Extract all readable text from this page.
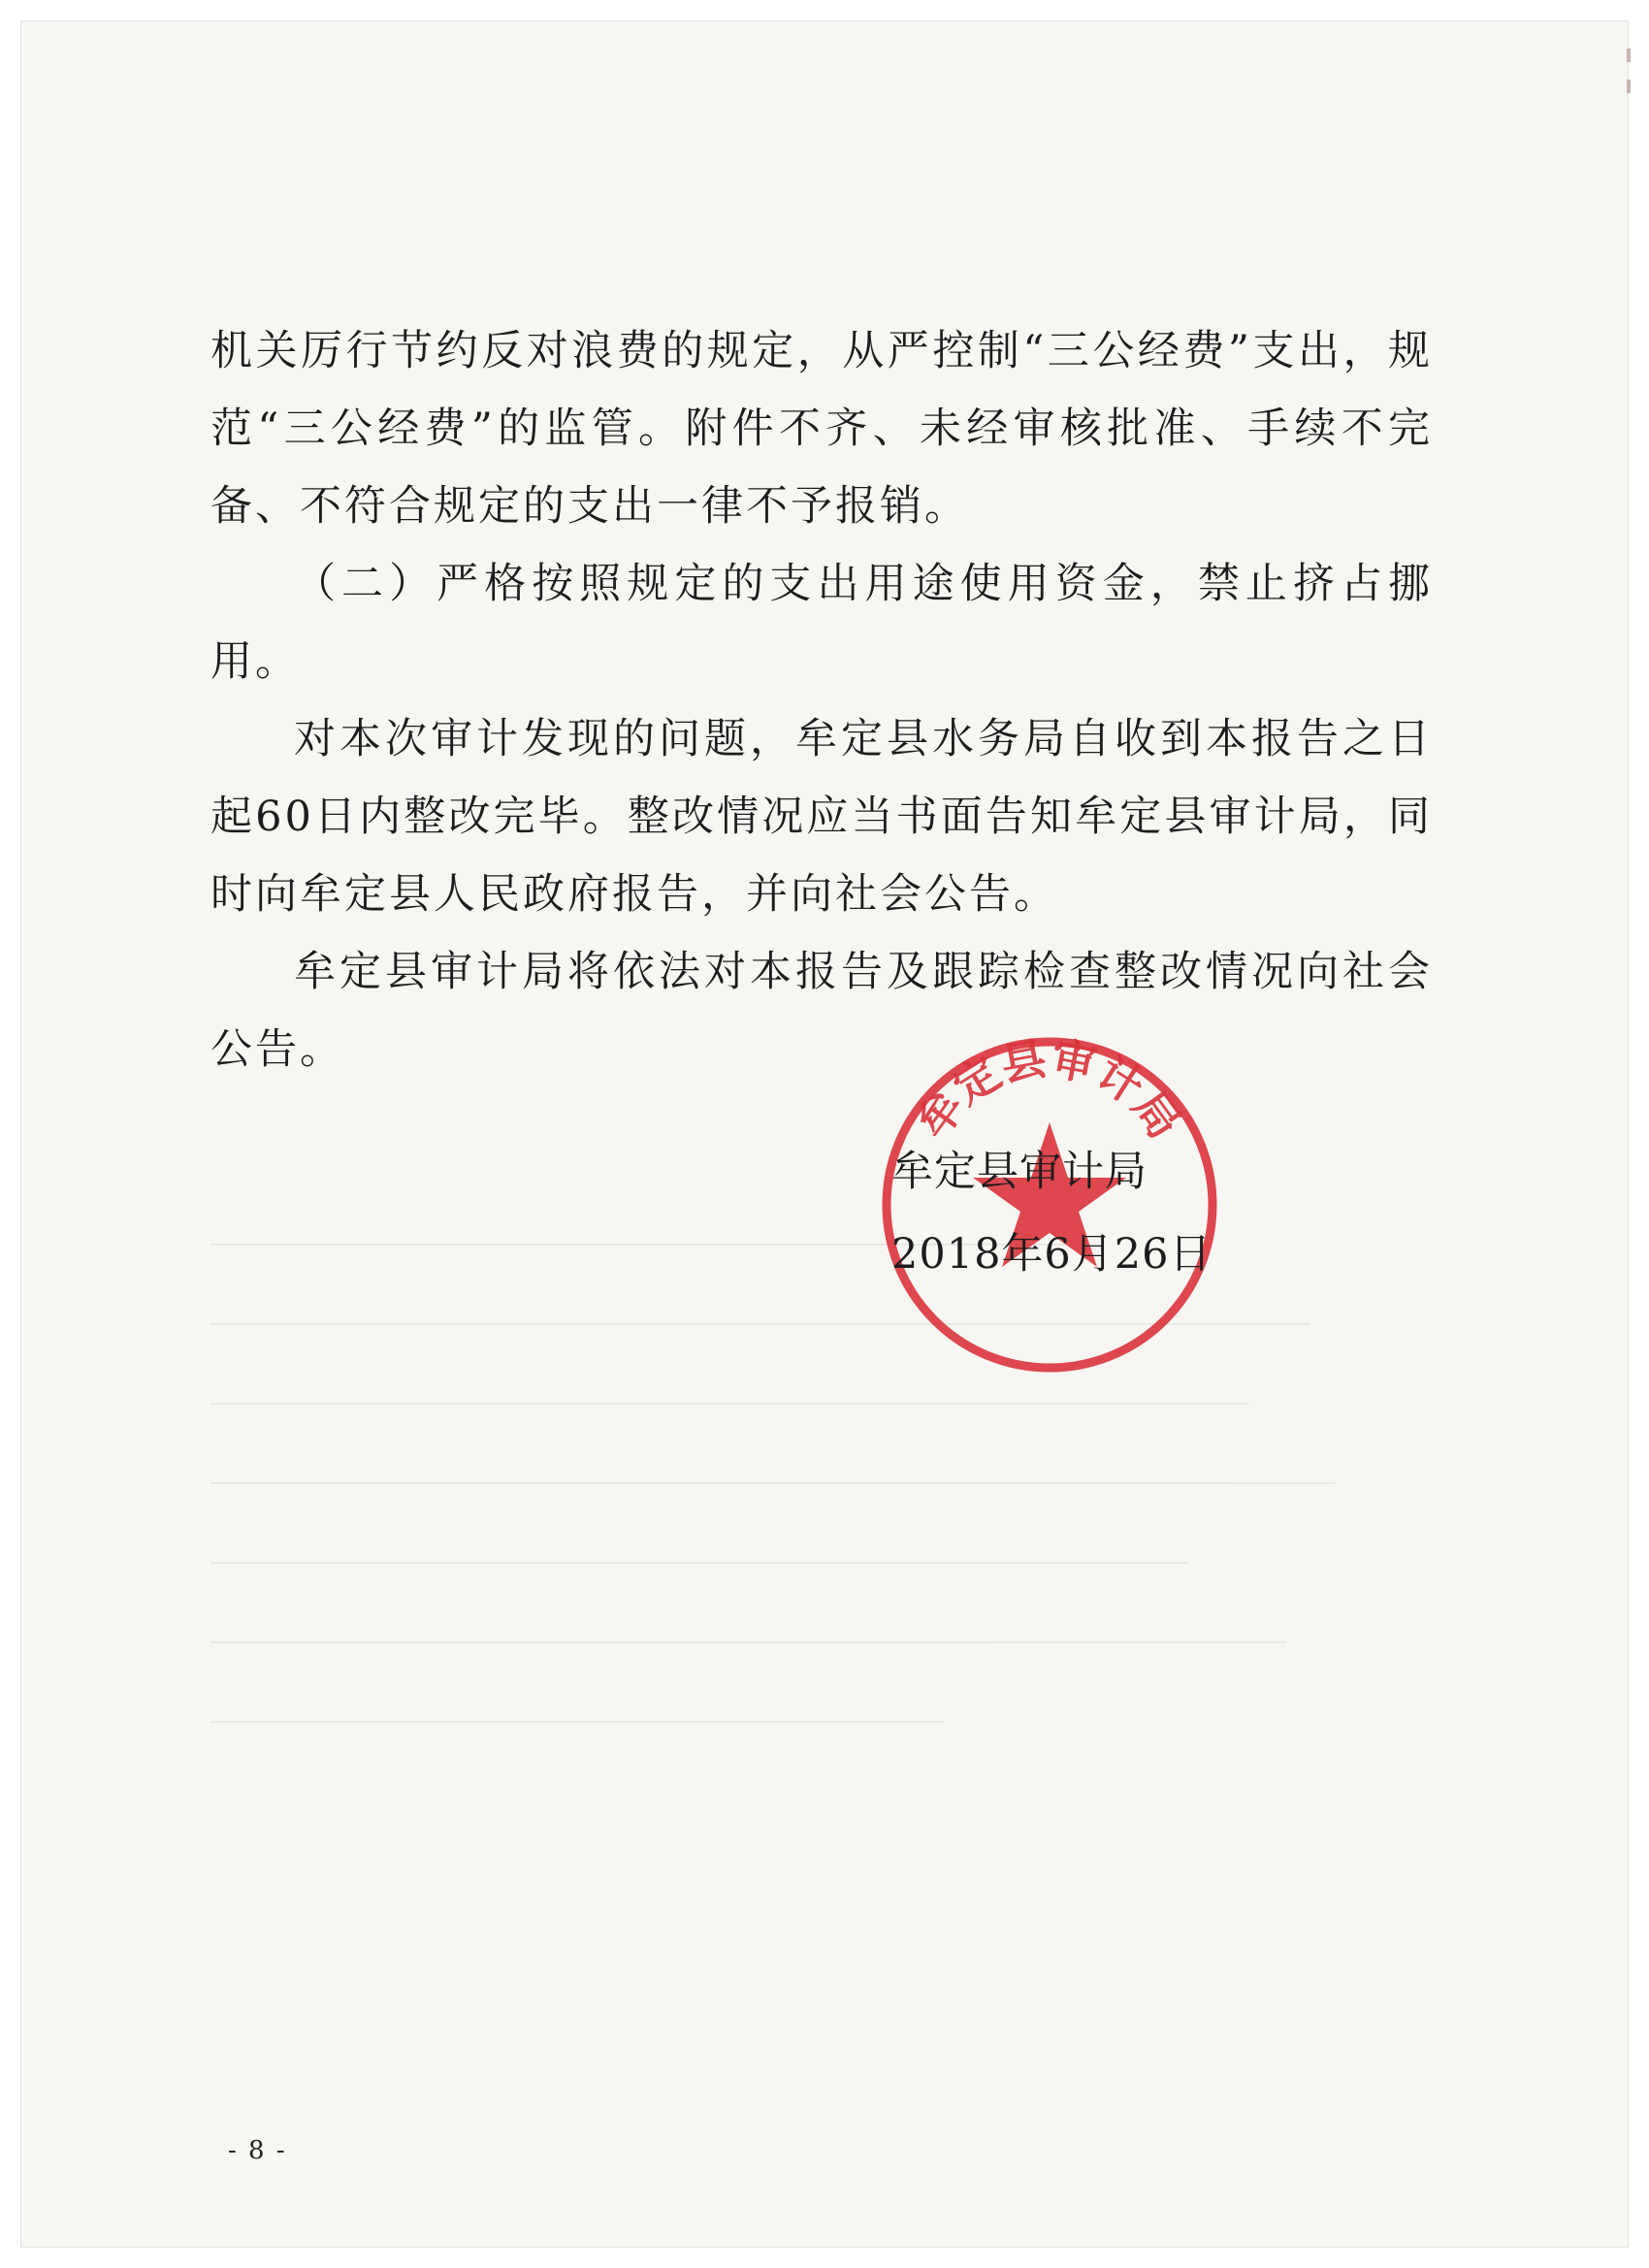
机关厉行节约反对浪费的规定，从严控制“三公经费”支出，规范“三公经费”的监管。附件不齐、未经审核批准、手续不完备、不符合规定的支出一律不予报销。

（二）严格按照规定的支出用途使用资金，禁止挤占挪用。

对本次审计发现的问题，牟定县水务局自收到本报告之日起60日内整改完毕。整改情况应当书面告知牟定县审计局，同时向牟定县人民政府报告，并向社会公告。

牟定县审计局将依法对本报告及跟踪检查整改情况向社会公告。

牟定县审计局
牟定县审计局
2018年6月26日
- 8 -
